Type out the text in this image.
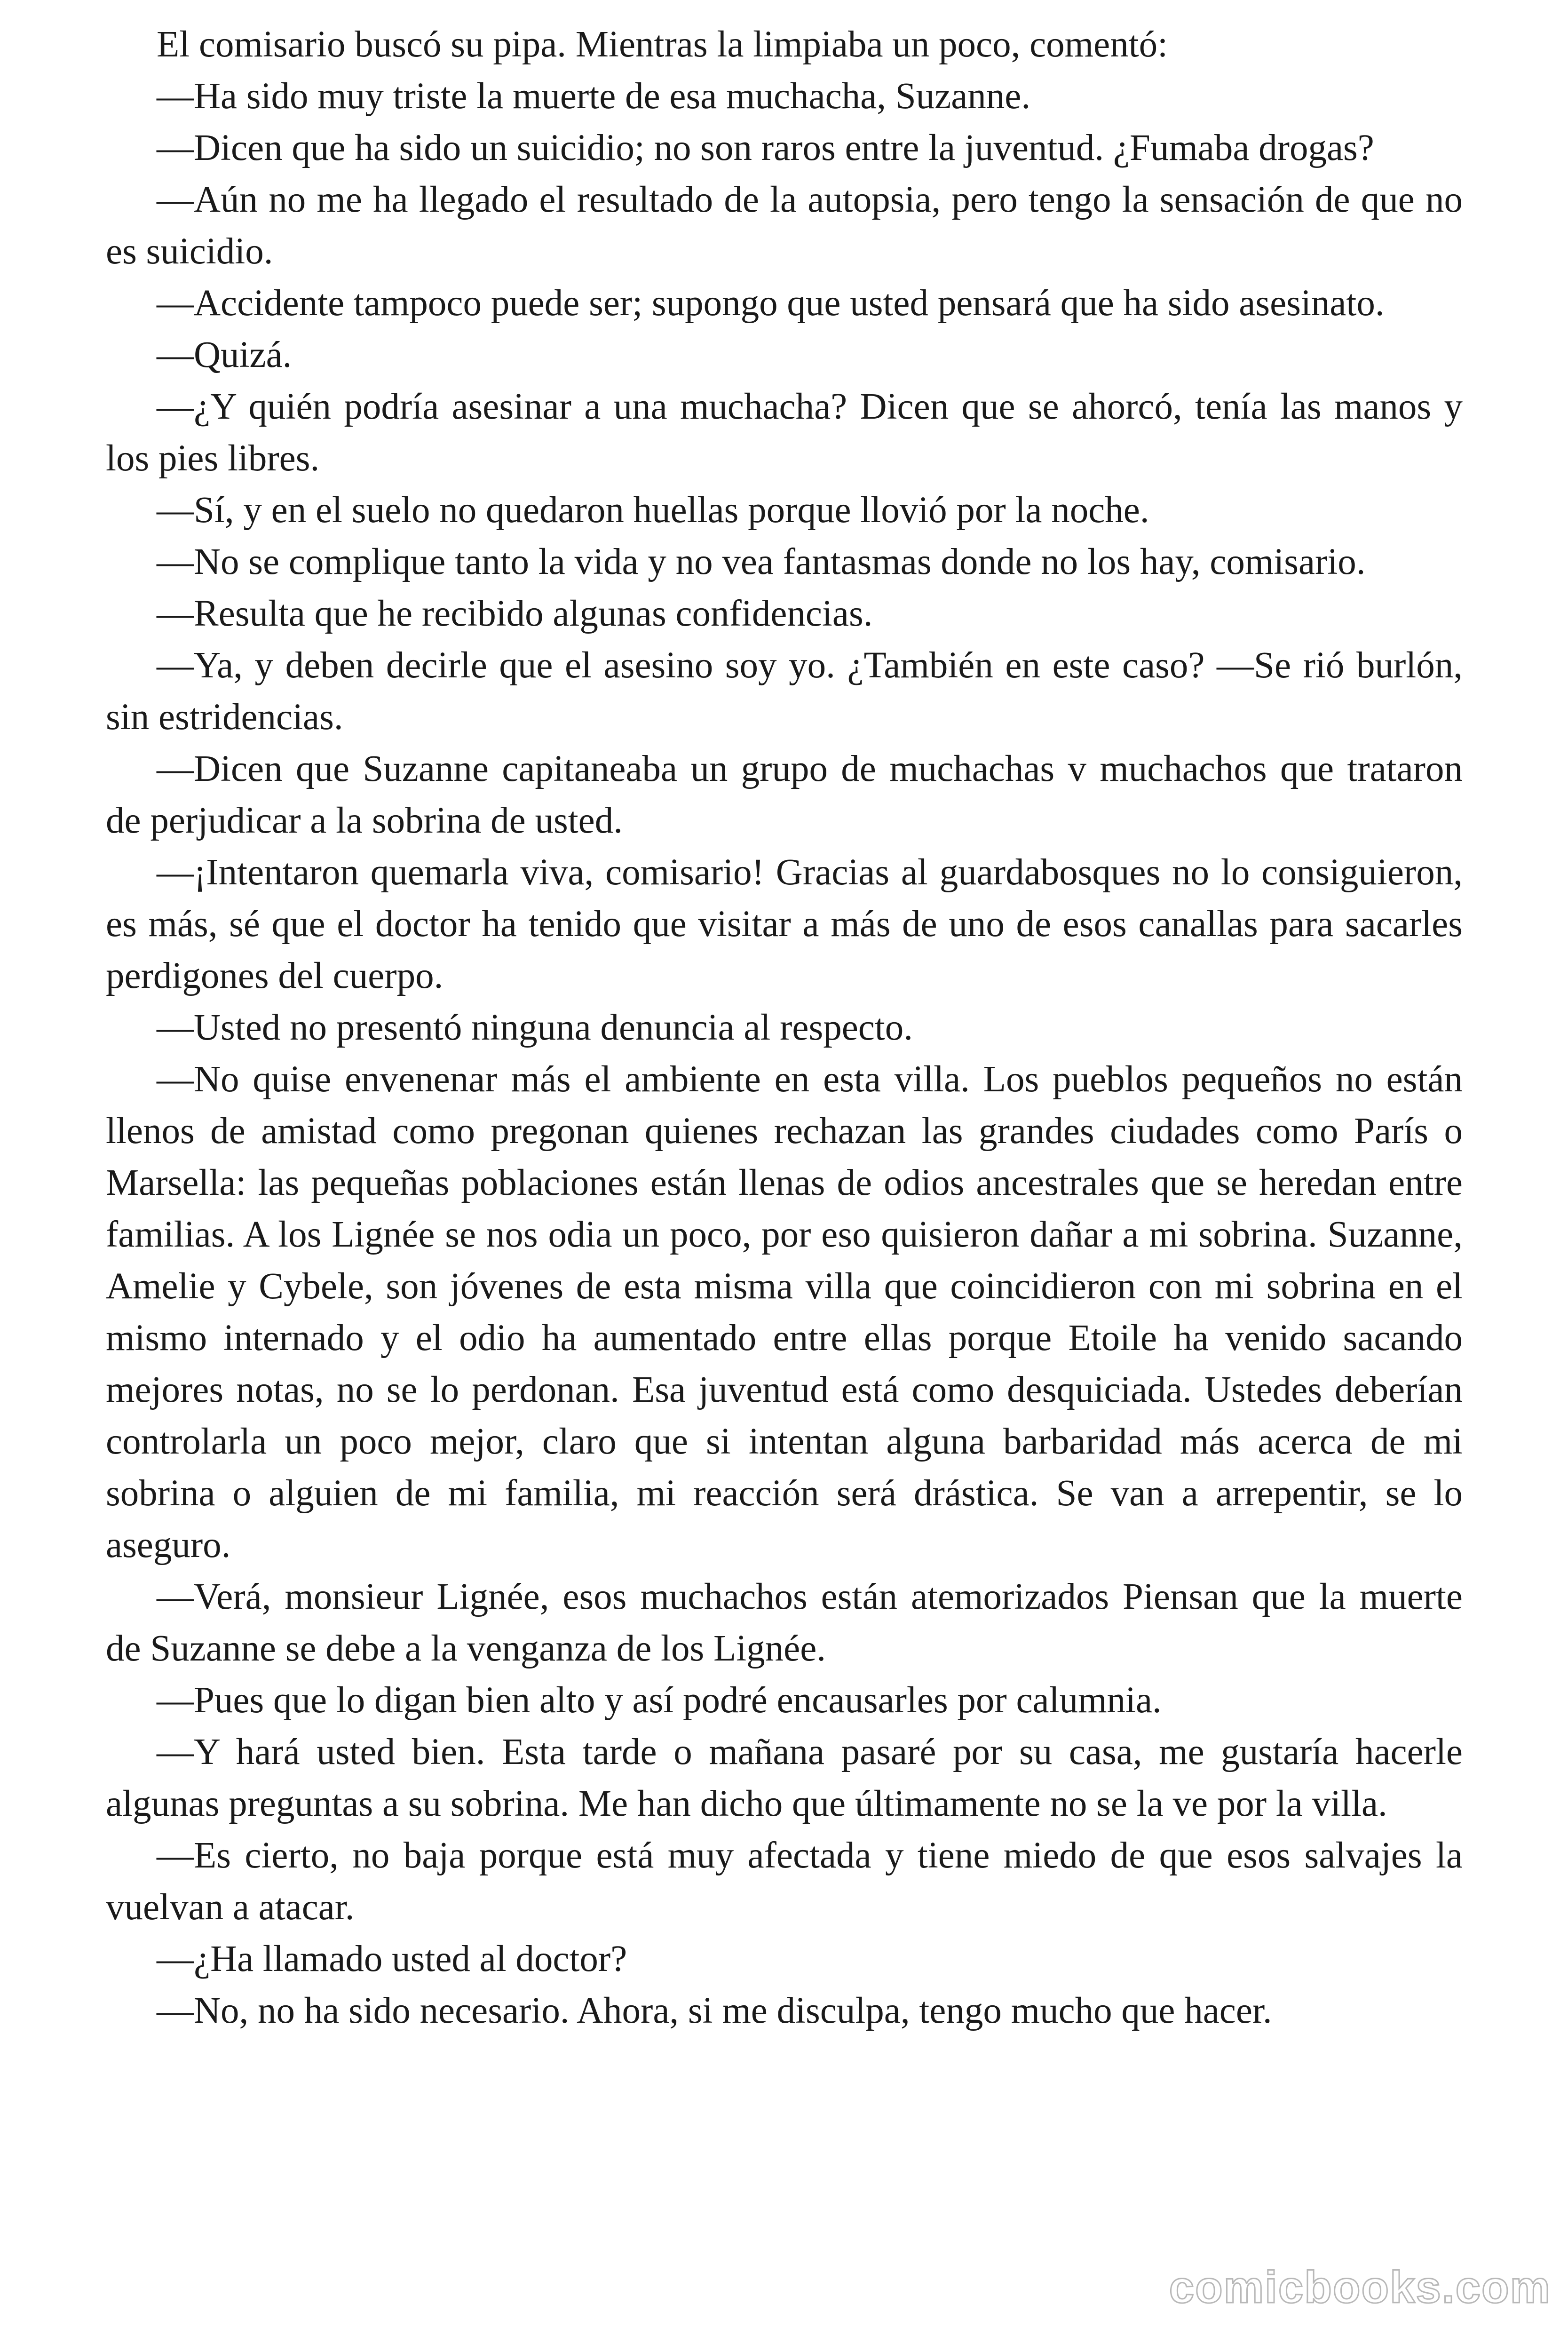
El comisario buscó su pipa. Mientras la limpiaba un poco, comentó:

—Ha sido muy triste la muerte de esa muchacha, Suzanne.

—Dicen que ha sido un suicidio; no son raros entre la juventud. ¿Fumaba drogas?

—Aún no me ha llegado el resultado de la autopsia, pero tengo la sensación de que no es suicidio.

—Accidente tampoco puede ser; supongo que usted pensará que ha sido asesinato.

—Quizá.

—¿Y quién podría asesinar a una muchacha? Dicen que se ahorcó, tenía las manos y los pies libres.

—Sí, y en el suelo no quedaron huellas porque llovió por la noche.

—No se complique tanto la vida y no vea fantasmas donde no los hay, comisario.

—Resulta que he recibido algunas confidencias.

—Ya, y deben decirle que el asesino soy yo. ¿También en este caso? —Se rió burlón, sin estridencias.

—Dicen que Suzanne capitaneaba un grupo de muchachas v muchachos que trataron de perjudicar a la sobrina de usted.

—¡Intentaron quemarla viva, comisario! Gracias al guardabosques no lo consiguieron, es más, sé que el doctor ha tenido que visitar a más de uno de esos canallas para sacarles perdigones del cuerpo.

—Usted no presentó ninguna denuncia al respecto.

—No quise envenenar más el ambiente en esta villa. Los pueblos pequeños no están llenos de amistad como pregonan quienes rechazan las grandes ciudades como París o Marsella: las pequeñas poblaciones están llenas de odios ancestrales que se heredan entre familias. A los Lignée se nos odia un poco, por eso quisieron dañar a mi sobrina. Suzanne, Amelie y Cybele, son jóvenes de esta misma villa que coincidieron con mi sobrina en el mismo internado y el odio ha aumentado entre ellas porque Etoile ha venido sacando mejores notas, no se lo perdonan. Esa juventud está como desquiciada. Ustedes deberían controlarla un poco mejor, claro que si intentan alguna barbaridad más acerca de mi sobrina o alguien de mi familia, mi reacción será drástica. Se van a arrepentir, se lo aseguro.

—Verá, monsieur Lignée, esos muchachos están atemorizados Piensan que la muerte de Suzanne se debe a la venganza de los Lignée.

—Pues que lo digan bien alto y así podré encausarles por calumnia.

—Y hará usted bien. Esta tarde o mañana pasaré por su casa, me gustaría hacerle algunas preguntas a su sobrina. Me han dicho que últimamente no se la ve por la villa.

—Es cierto, no baja porque está muy afectada y tiene miedo de que esos salvajes la vuelvan a atacar.

—¿Ha llamado usted al doctor?

—No, no ha sido necesario. Ahora, si me disculpa, tengo mucho que hacer.

comicbooks.com
